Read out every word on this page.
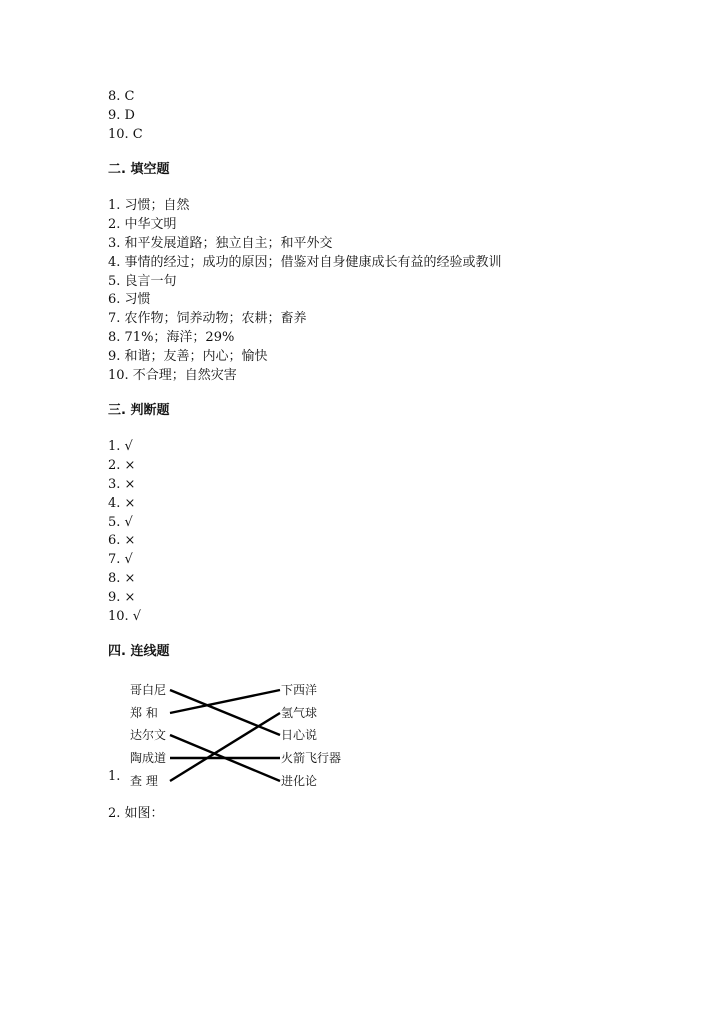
8. C
9. D
10. C
二. 填空题
1. 习惯；自然
2. 中华文明
3. 和平发展道路；独立自主；和平外交
4. 事情的经过；成功的原因；借鉴对自身健康成长有益的经验或教训
5. 良言一句
6. 习惯
7. 农作物；饲养动物；农耕；畜养
8. 71%；海洋；29%
9. 和谐；友善；内心；愉快
10. 不合理；自然灾害
三. 判断题
1. √
2. ×
3. ×
4. ×
5. √
6. ×
7. √
8. ×
9. ×
10. √
四. 连线题
哥白尼
郑 和
达尔文
陶成道
查 理
下西洋
氢气球
日心说
火箭飞行器
进化论
1.
2. 如图：
